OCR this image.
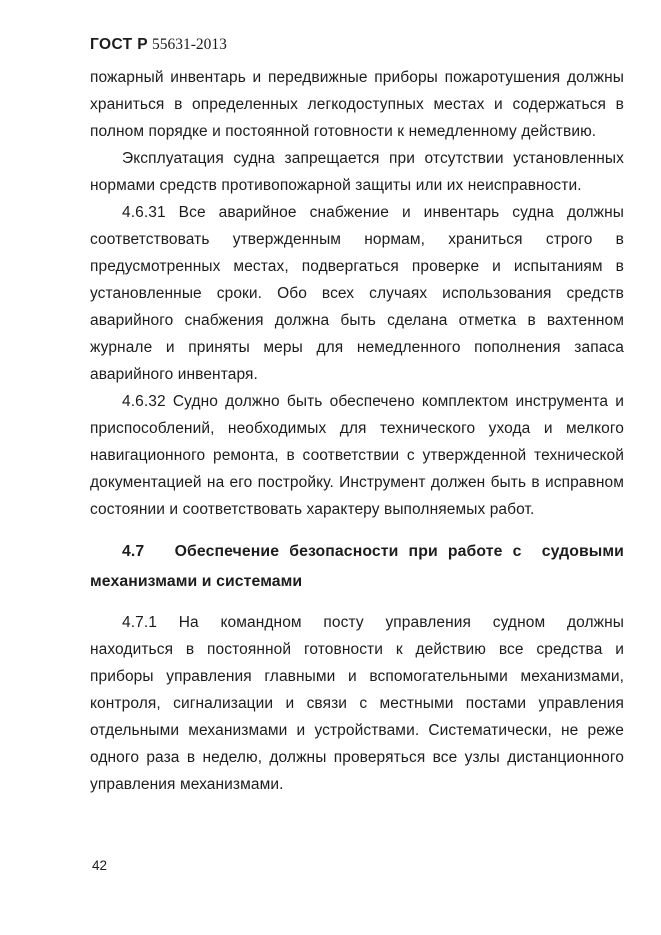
ГОСТ Р 55631-2013

пожарный инвентарь и передвижные приборы пожаротушения должны храниться в определенных легкодоступных местах и содержаться в полном порядке и постоянной готовности к немедленному действию.

Эксплуатация судна запрещается при отсутствии установленных нормами средств противопожарной защиты или их неисправности.

4.6.31 Все аварийное снабжение и инвентарь судна должны соответствовать утвержденным нормам, храниться строго в предусмотренных местах, подвергаться проверке и испытаниям в установленные сроки. Обо всех случаях использования средств аварийного снабжения должна быть сделана отметка в вахтенном журнале и приняты меры для немедленного пополнения запаса аварийного инвентаря.

4.6.32 Судно должно быть обеспечено комплектом инструмента и приспособлений, необходимых для технического ухода и мелкого навигационного ремонта, в соответствии с утвержденной технической документацией на его постройку. Инструмент должен быть в исправном состоянии и соответствовать характеру выполняемых работ.

4.7   Обеспечение безопасности при работе с  судовыми механизмами и системами

4.7.1   На   командном   посту   управления   судном   должны находиться в постоянной готовности к действию все средства и приборы управления главными и вспомогательными механизмами, контроля, сигнализации и связи с местными постами управления отдельными механизмами и устройствами. Систематически, не реже одного раза в неделю, должны проверяться все узлы дистанционного управления механизмами.

42
